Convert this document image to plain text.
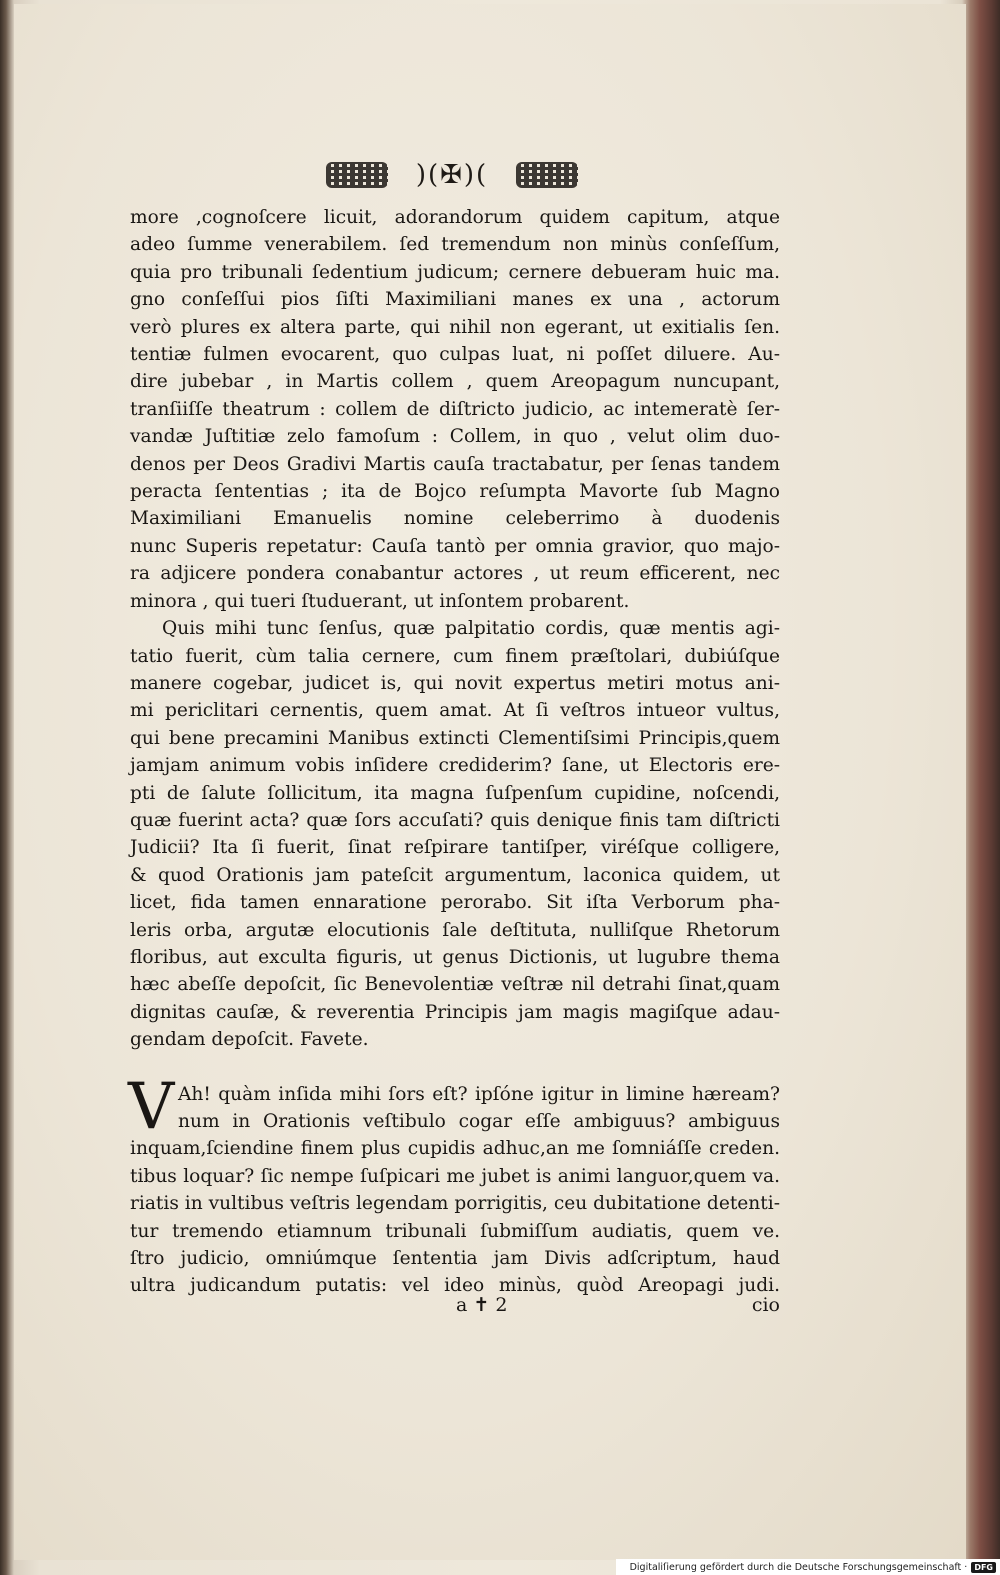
)(✠)(
more ,cognoſcere licuit, adorandorum quidem capitum, atque
adeo ſumme venerabilem. ſed tremendum non minùs conſeſſum,
quia pro tribunali ſedentium judicum; cernere debueram huic ma.
gno conſeſſui pios ſiſti Maximiliani manes ex una , actorum
verò plures ex altera parte, qui nihil non egerant, ut exitialis ſen.
tentiæ fulmen evocarent, quo culpas luat, ni poſſet diluere. Au-
dire jubebar , in Martis collem , quem Areopagum nuncupant,
tranſiiſſe theatrum : collem de diſtricto judicio, ac intemeratè ſer-
vandæ Juſtitiæ zelo famoſum : Collem, in quo , velut olim duo-
denos per Deos Gradivi Martis cauſa tractabatur, per ſenas tandem
peracta ſententias ; ita de Bojco reſumpta Mavorte ſub Magno
Maximiliani Emanuelis nomine celeberrimo à duodenis
nunc Superis repetatur: Cauſa tantò per omnia gravior, quo majo-
ra adjicere pondera conabantur actores , ut reum efficerent, nec
minora , qui tueri ſtuduerant, ut inſontem probarent.
Quis mihi tunc ſenſus, quæ palpitatio cordis, quæ mentis agi-
tatio fuerit, cùm talia cernere, cum finem præſtolari, dubiúſque
manere cogebar, judicet is, qui novit expertus metiri motus ani-
mi periclitari cernentis, quem amat. At ſi veſtros intueor vultus,
qui bene precamini Manibus extincti Clementiſsimi Principis,quem
jamjam animum vobis inſidere crediderim? ſane, ut Electoris ere-
pti de ſalute ſollicitum, ita magna ſuſpenſum cupidine, noſcendi,
quæ fuerint acta? quæ ſors accuſati? quis denique finis tam diſtricti
Judicii? Ita ſi fuerit, ſinat reſpirare tantiſper, viréſque colligere,
& quod Orationis jam pateſcit argumentum, laconica quidem, ut
licet, fida tamen ennaratione perorabo. Sit iſta Verborum pha-
leris orba, argutæ elocutionis ſale deſtituta, nulliſque Rhetorum
floribus, aut exculta figuris, ut genus Dictionis, ut lugubre thema
hæc abeſſe depoſcit, ſic Benevolentiæ veſtræ nil detrahi ſinat,quam
dignitas cauſæ, & reverentia Principis jam magis magiſque adau-
gendam depoſcit. Favete.
V Ah! quàm inſida mihi ſors eſt? ipſóne igitur in limine hæream?
num in Orationis veſtibulo cogar eſſe ambiguus? ambiguus
inquam,ſciendine finem plus cupidis adhuc,an me ſomniáſſe creden.
tibus loquar? ſic nempe ſuſpicari me jubet is animi languor,quem va.
riatis in vultibus veſtris legendam porrigitis, ceu dubitatione detenti-
tur tremendo etiamnum tribunali ſubmiſſum audiatis, quem ve.
ſtro judicio, omniúmque ſententia jam Divis adſcriptum, haud
ultra judicandum putatis: vel ideo minùs, quòd Areopagi judi.
a ✝ 2	cio
Digitaliſierung gefördert durch die Deutsche Forschungsgemeinschaft · DFG
